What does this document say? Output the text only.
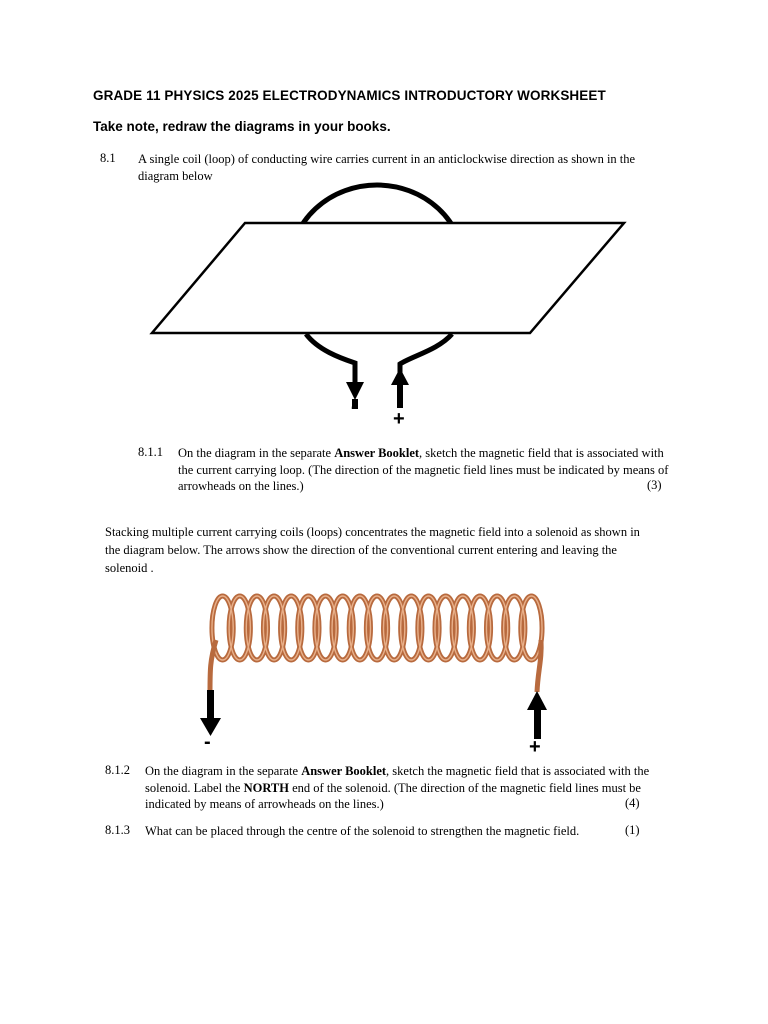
GRADE 11 PHYSICS 2025 ELECTRODYNAMICS INTRODUCTORY WORKSHEET
Take note, redraw the diagrams in your books.
8.1 A single coil (loop) of conducting wire carries current in an anticlockwise direction as shown in the diagram below
-
+
8.1.1 On the diagram in the separate Answer Booklet, sketch the magnetic field that is associated with the current carrying loop. (The direction of the magnetic field lines must be indicated by means of arrowheads on the lines.)	(3)
Stacking multiple current carrying coils (loops) concentrates the magnetic field into a solenoid as shown in the diagram below. The arrows show the direction of the conventional current entering and leaving the solenoid .
-	+
8.1.2 On the diagram in the separate Answer Booklet, sketch the magnetic field that is associated with the solenoid. Label the NORTH end of the solenoid. (The direction of the magnetic field lines must be indicated by means of arrowheads on the lines.)	(4)
8.1.3 What can be placed through the centre of the solenoid to strengthen the magnetic field.	(1)
